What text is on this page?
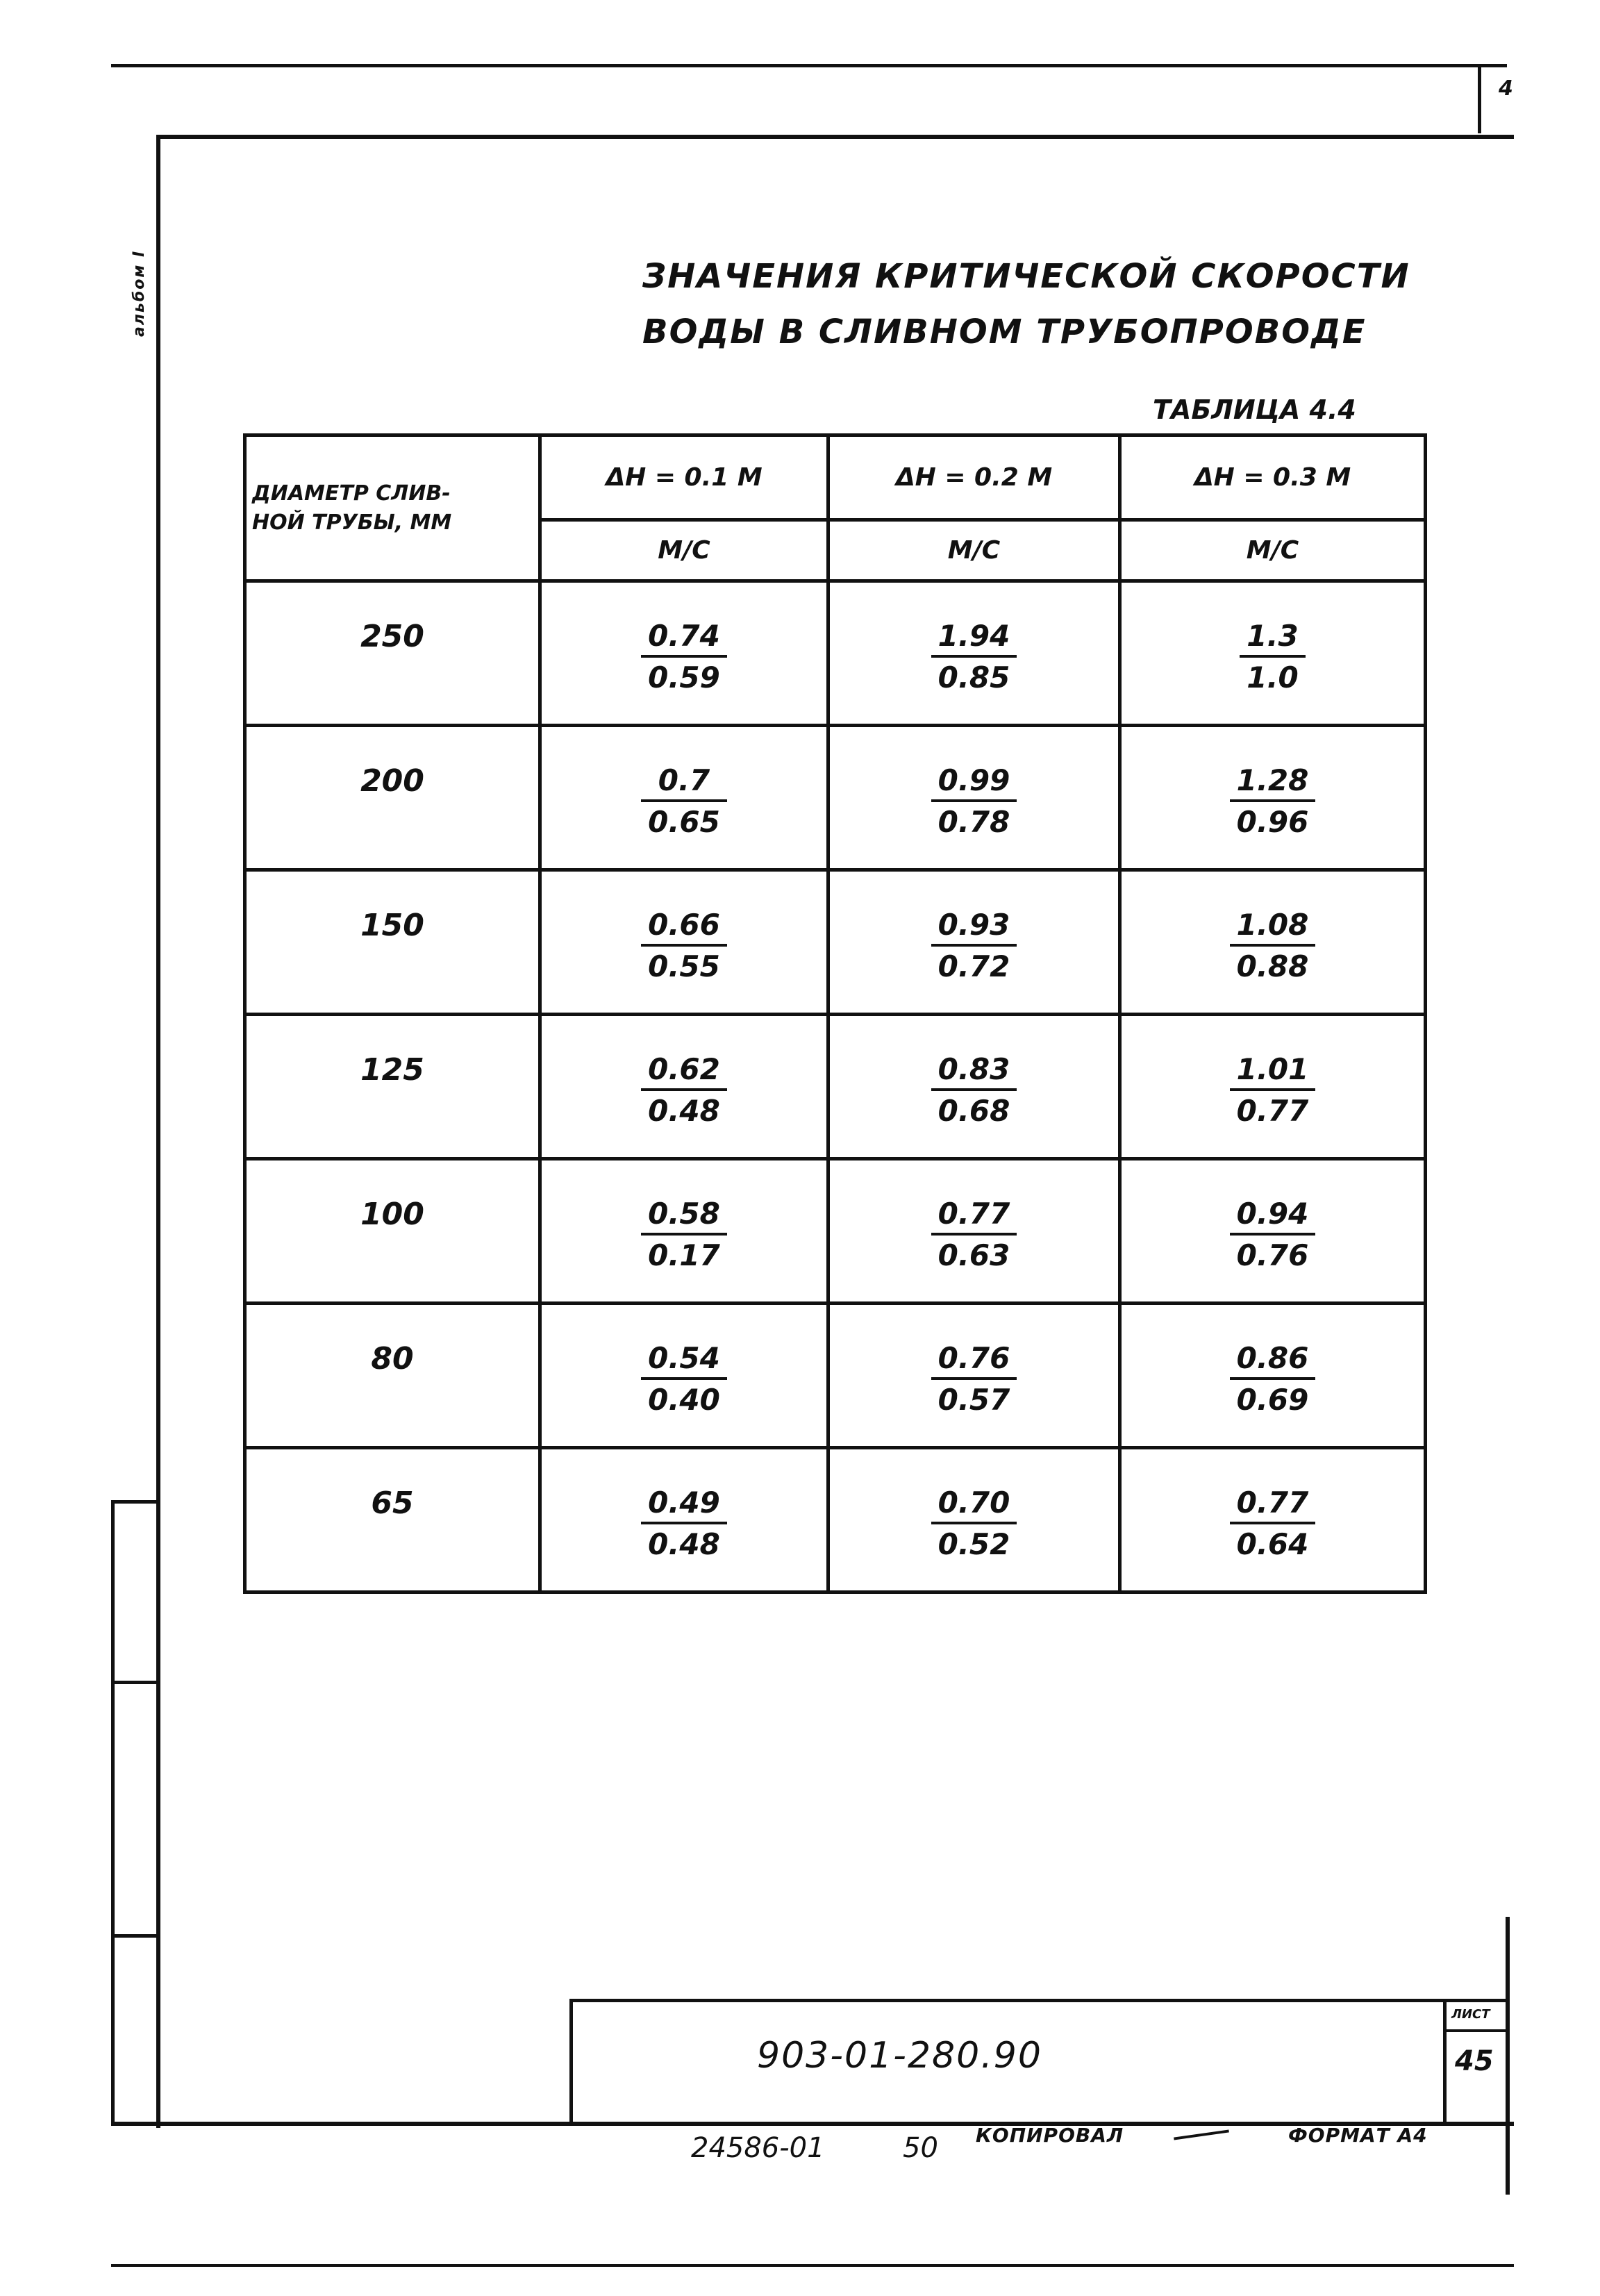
альбом I
4
ЗНАЧЕНИЯ КРИТИЧЕСКОЙ СКОРОСТИ
ВОДЫ В СЛИВНОМ ТРУБОПРОВОДЕ
ТАБЛИЦА 4.4
ДИАМЕТР СЛИВ-
НОЙ ТРУБЫ, ММ	ΔH = 0.1 М	ΔH = 0.2 М	ΔH = 0.3 М
	М/С	М/С	М/С
250	$\frac{0.74}{0.59}$	$\frac{1.94}{0.85}$	$\frac{1.3}{1.0}$

200	$\frac{0.7}{0.65}$	$\frac{0.99}{0.78}$	$\frac{1.28}{0.96}$

150	$\frac{0.66}{0.55}$	$\frac{0.93}{0.72}$	$\frac{1.08}{0.88}$

125	$\frac{0.62}{0.48}$	$\frac{0.83}{0.68}$	$\frac{1.01}{0.77}$

100	$\frac{0.58}{0.17}$	$\frac{0.77}{0.63}$	$\frac{0.94}{0.76}$

80	$\frac{0.54}{0.40}$	$\frac{0.76}{0.57}$	$\frac{0.86}{0.69}$

65	$\frac{0.49}{0.48}$	$\frac{0.70}{0.52}$	$\frac{0.77}{0.64}$
903-01-280.90
ЛИСТ
45
24586-01	50 КОПИРОВАЛ	ФОРМАТ А4
